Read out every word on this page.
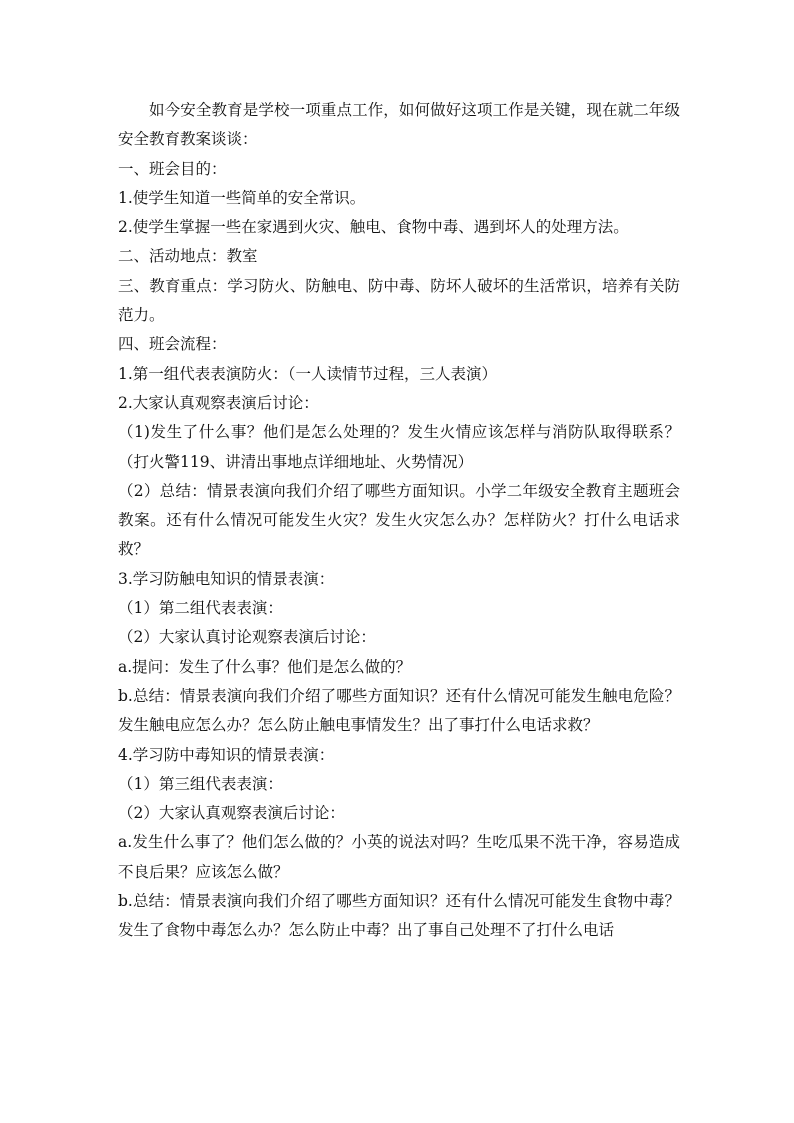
如今安全教育是学校一项重点工作，如何做好这项工作是关键，现在就二年级安全教育教案谈谈：

一、班会目的：

1.使学生知道一些简单的安全常识。

2.使学生掌握一些在家遇到火灾、触电、食物中毒、遇到坏人的处理方法。

二、活动地点：教室

三、教育重点：学习防火、防触电、防中毒、防坏人破坏的生活常识，培养有关防范力。

四、班会流程：

1.第一组代表表演防火：（一人读情节过程，三人表演）

2.大家认真观察表演后讨论：

（1)发生了什么事？他们是怎么处理的？发生火情应该怎样与消防队取得联系？（打火警119、讲清出事地点详细地址、火势情况）

（2）总结：情景表演向我们介绍了哪些方面知识。小学二年级安全教育主题班会教案。还有什么情况可能发生火灾？发生火灾怎么办？怎样防火？打什么电话求救？

3.学习防触电知识的情景表演：

（1）第二组代表表演：

（2）大家认真讨论观察表演后讨论：

a.提问：发生了什么事？他们是怎么做的？

b.总结：情景表演向我们介绍了哪些方面知识？还有什么情况可能发生触电危险？发生触电应怎么办？怎么防止触电事情发生？出了事打什么电话求救？

4.学习防中毒知识的情景表演：

（1）第三组代表表演：

（2）大家认真观察表演后讨论：

a.发生什么事了？他们怎么做的？小英的说法对吗？生吃瓜果不洗干净，容易造成不良后果？应该怎么做？

b.总结：情景表演向我们介绍了哪些方面知识？还有什么情况可能发生食物中毒？发生了食物中毒怎么办？怎么防止中毒？出了事自己处理不了打什么电话
